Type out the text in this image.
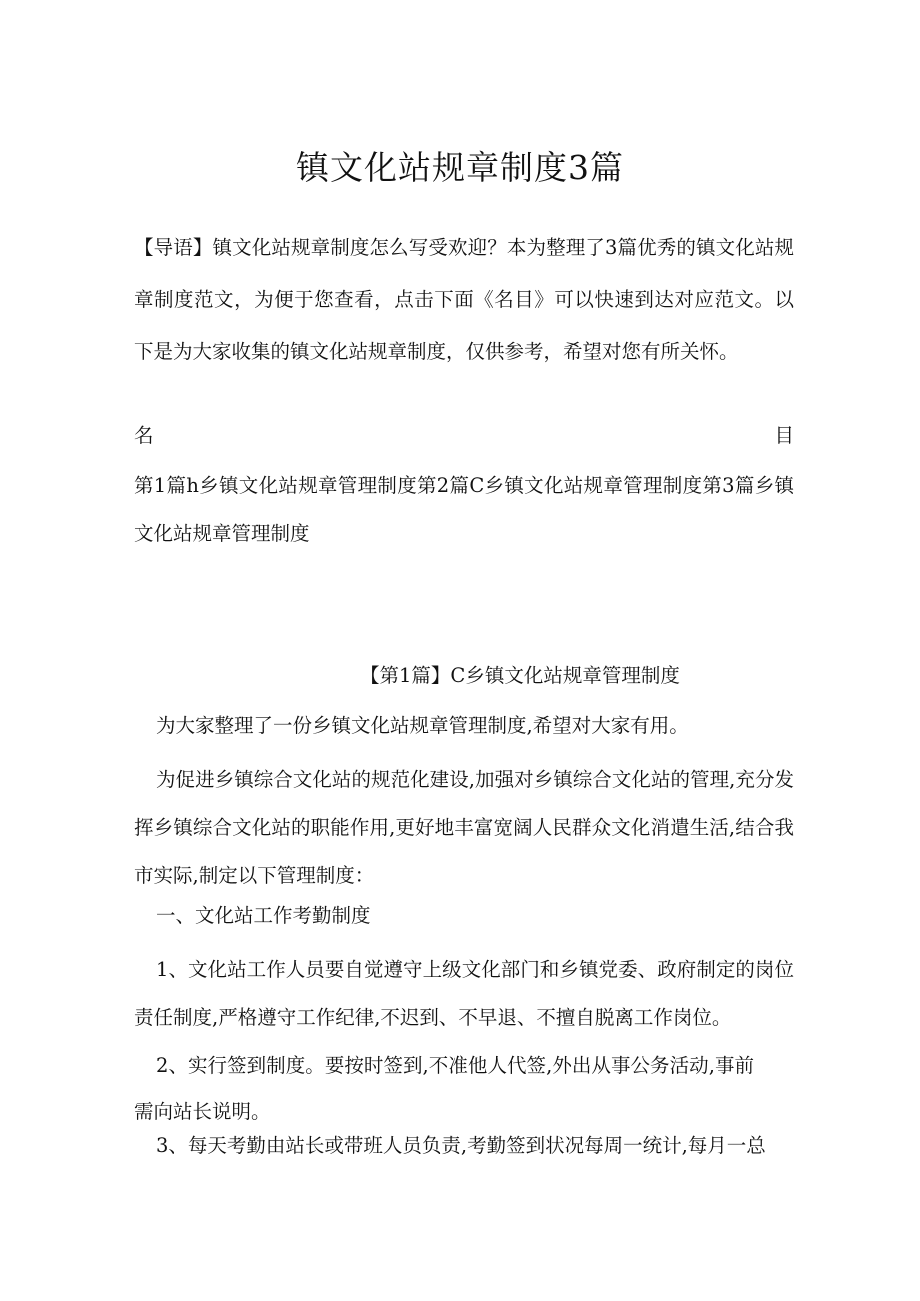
镇文化站规章制度3篇
【导语】镇文化站规章制度怎么写受欢迎？本为整理了3篇优秀的镇文化站规章制度范文，为便于您查看，点击下面《名目》可以快速到达对应范文。以下是为大家收集的镇文化站规章制度，仅供参考，希望对您有所关怀。
名	目
第1篇h乡镇文化站规章管理制度第2篇C乡镇文化站规章管理制度第3篇乡镇文化站规章管理制度
【第1篇】C乡镇文化站规章管理制度
为大家整理了一份乡镇文化站规章管理制度,希望对大家有用。
为促进乡镇综合文化站的规范化建设,加强对乡镇综合文化站的管理,充分发挥乡镇综合文化站的职能作用,更好地丰富宽阔人民群众文化消遣生活,结合我市实际,制定以下管理制度：
一、文化站工作考勤制度
1、文化站工作人员要自觉遵守上级文化部门和乡镇党委、政府制定的岗位责任制度,严格遵守工作纪律,不迟到、不早退、不擅自脱离工作岗位。
2、实行签到制度。要按时签到,不准他人代签,外出从事公务活动,事前需向站长说明。
3、每天考勤由站长或带班人员负责,考勤签到状况每周一统计,每月一总
